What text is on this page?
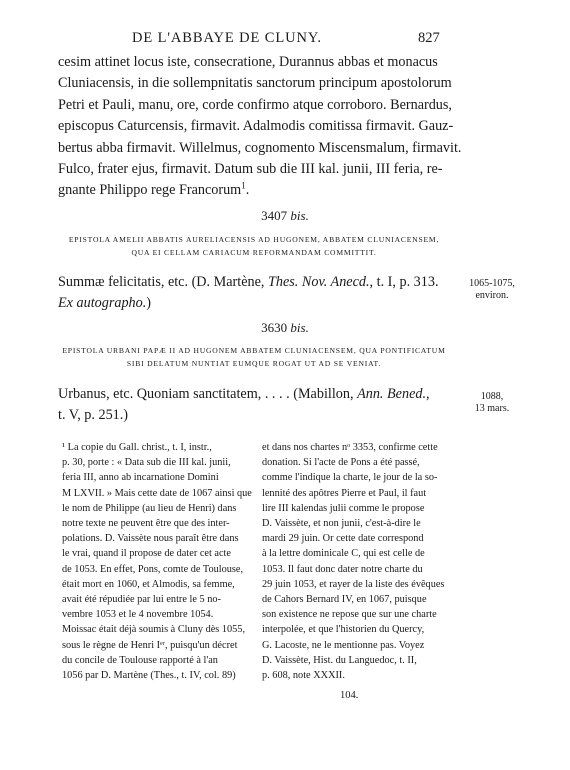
DE L'ABBAYE DE CLUNY.	827
cesim attinet locus iste, consecratione, Durannus abbas et monacus
Cluniacensis, in die sollempnitatis sanctorum principum apostolorum
Petri et Pauli, manu, ore, corde confirmo atque corroboro. Bernardus,
episcopus Caturcensis, firmavit. Adalmodis comitissa firmavit. Gauz-
bertus abba firmavit. Willelmus, cognomento Miscensmalum, firmavit.
Fulco, frater ejus, firmavit. Datum sub die III kal. junii, III feria, re-
gnante Philippo rege Francorum$^1$.
3407 bis.
EPISTOLA AMELII ABBATIS AURELIACENSIS AD HUGONEM, ABBATEM CLUNIACENSEM,
QUA EI CELLAM CARIACUM REFORMANDAM COMMITTIT.
Summæ felicitatis, etc. (D. Martène, Thes. Nov. Anecd., t. I, p. 313.
Ex autographo.)
1065-1075,
environ.
3630 bis.
EPISTOLA URBANI PAPÆ II AD HUGONEM ABBATEM CLUNIACENSEM, QUA PONTIFICATUM
SIBI DELATUM NUNTIAT EUMQUE ROGAT UT AD SE VENIAT.
Urbanus, etc. Quoniam sanctitatem, . . . . (Mabillon, Ann. Bened.,
t. V, p. 251.)
1088,
13 mars.
¹ La copie du Gall. christ., t. I, instr.,
p. 30, porte : « Data sub die III kal. junii,
feria III, anno ab incarnatione Domini
M LXVII. » Mais cette date de 1067 ainsi que
le nom de Philippe (au lieu de Henri) dans
notre texte ne peuvent être que des inter-
polations. D. Vaissète nous paraît être dans
le vrai, quand il propose de dater cet acte
de 1053. En effet, Pons, comte de Toulouse,
était mort en 1060, et Almodis, sa femme,
avait été répudiée par lui entre le 5 no-
vembre 1053 et le 4 novembre 1054.
Moissac était déjà soumis à Cluny dès 1055,
sous le règne de Henri Iᵉʳ, puisqu'un décret
du concile de Toulouse rapporté à l'an
1056 par D. Martène (Thes., t. IV, col. 89)
et dans nos chartes nᵒ 3353, confirme cette
donation. Si l'acte de Pons a été passé,
comme l'indique la charte, le jour de la so-
lennité des apôtres Pierre et Paul, il faut
lire III kalendas julii comme le propose
D. Vaissète, et non junii, c'est-à-dire le
mardi 29 juin. Or cette date correspond
à la lettre dominicale C, qui est celle de
1053. Il faut donc dater notre charte du
29 juin 1053, et rayer de la liste des évêques
de Cahors Bernard IV, en 1067, puisque
son existence ne repose que sur une charte
interpolée, et que l'historien du Quercy,
G. Lacoste, ne le mentionne pas. Voyez
D. Vaissète, Hist. du Languedoc, t. II,
p. 608, note XXXII.
104.
